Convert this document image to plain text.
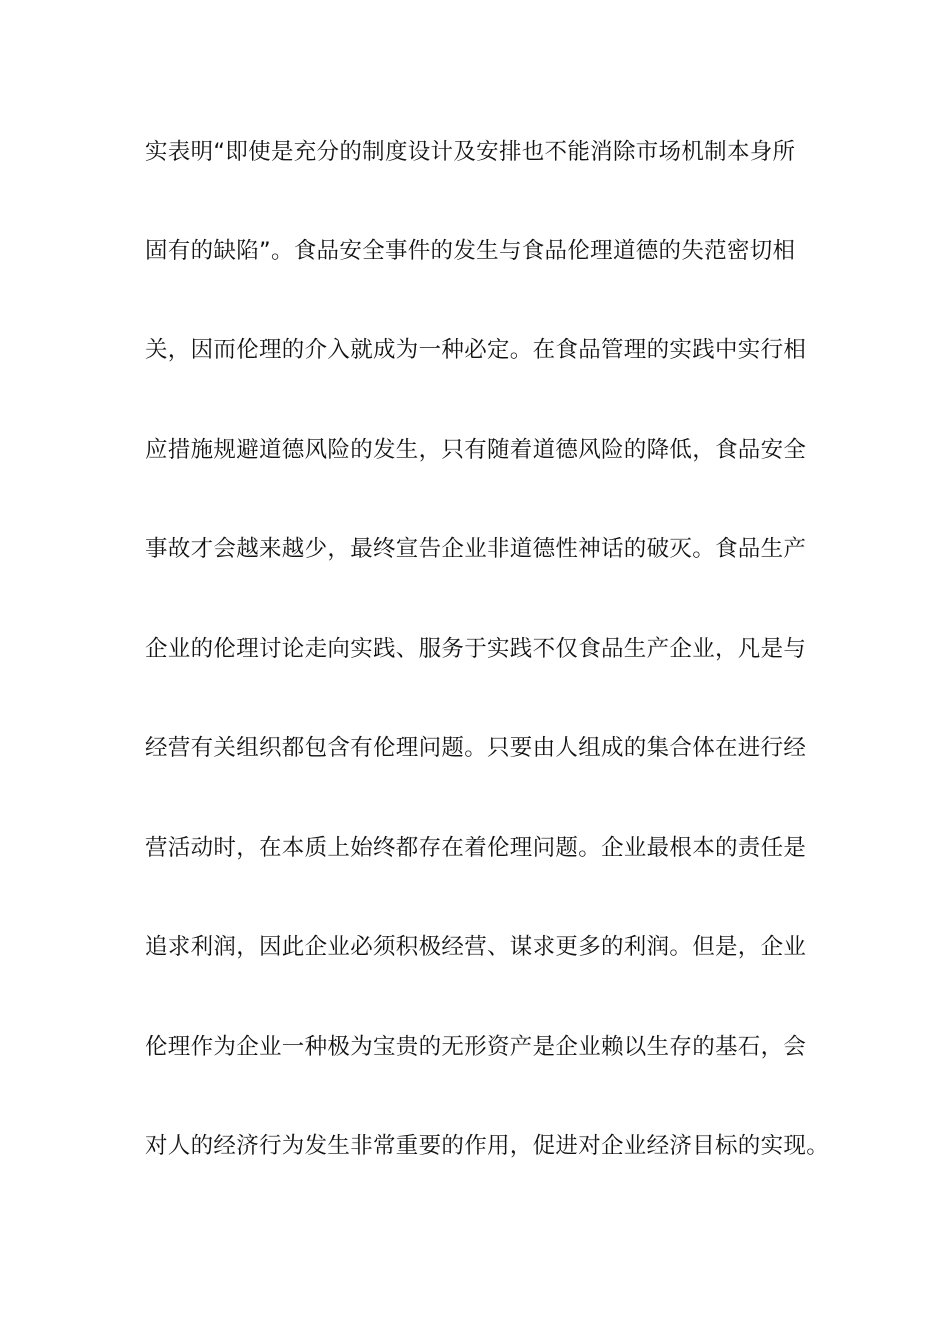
实表明“即使是充分的制度设计及安排也不能消除市场机制本身所
固有的缺陷”。食品安全事件的发生与食品伦理道德的失范密切相
关，因而伦理的介入就成为一种必定。在食品管理的实践中实行相
应措施规避道德风险的发生，只有随着道德风险的降低，食品安全
事故才会越来越少，最终宣告企业非道德性神话的破灭。食品生产
企业的伦理讨论走向实践、服务于实践不仅食品生产企业，凡是与
经营有关组织都包含有伦理问题。只要由人组成的集合体在进行经
营活动时，在本质上始终都存在着伦理问题。企业最根本的责任是
追求利润，因此企业必须积极经营、谋求更多的利润。但是，企业
伦理作为企业一种极为宝贵的无形资产是企业赖以生存的基石，会
对人的经济行为发生非常重要的作用，促进对企业经济目标的实现。
